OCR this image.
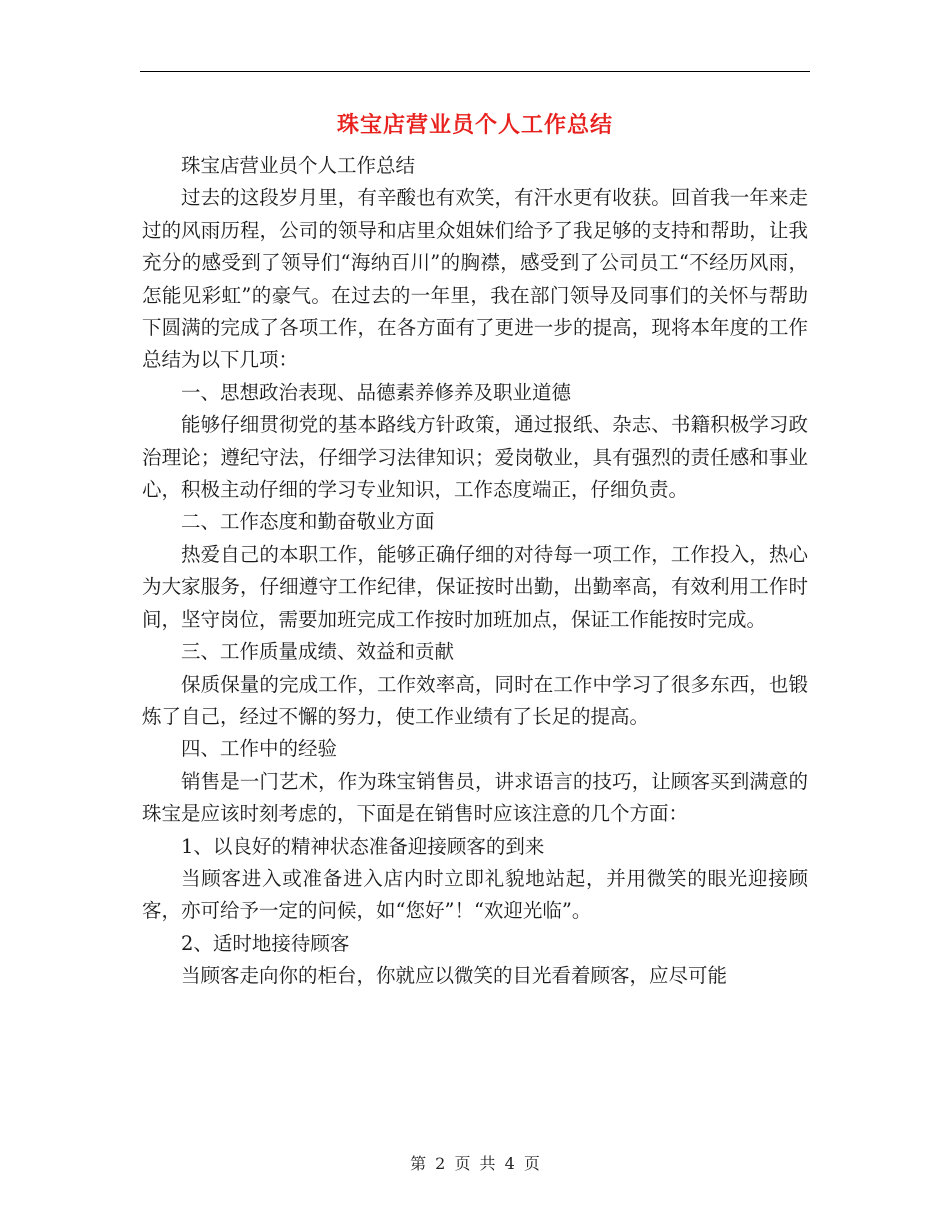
珠宝店营业员个人工作总结

珠宝店营业员个人工作总结

过去的这段岁月里，有辛酸也有欢笑，有汗水更有收获。回首我一年来走过的风雨历程，公司的领导和店里众姐妹们给予了我足够的支持和帮助，让我充分的感受到了领导们“海纳百川”的胸襟，感受到了公司员工“不经历风雨，怎能见彩虹”的豪气。在过去的一年里，我在部门领导及同事们的关怀与帮助下圆满的完成了各项工作，在各方面有了更进一步的提高，现将本年度的工作总结为以下几项：

一、思想政治表现、品德素养修养及职业道德

能够仔细贯彻党的基本路线方针政策，通过报纸、杂志、书籍积极学习政治理论；遵纪守法，仔细学习法律知识；爱岗敬业，具有强烈的责任感和事业心，积极主动仔细的学习专业知识，工作态度端正，仔细负责。

二、工作态度和勤奋敬业方面

热爱自己的本职工作，能够正确仔细的对待每一项工作，工作投入，热心为大家服务，仔细遵守工作纪律，保证按时出勤，出勤率高，有效利用工作时间，坚守岗位，需要加班完成工作按时加班加点，保证工作能按时完成。

三、工作质量成绩、效益和贡献

保质保量的完成工作，工作效率高，同时在工作中学习了很多东西，也锻炼了自己，经过不懈的努力，使工作业绩有了长足的提高。

四、工作中的经验

销售是一门艺术，作为珠宝销售员，讲求语言的技巧，让顾客买到满意的珠宝是应该时刻考虑的，下面是在销售时应该注意的几个方面：

1、以良好的精神状态准备迎接顾客的到来

当顾客进入或准备进入店内时立即礼貌地站起，并用微笑的眼光迎接顾客，亦可给予一定的问候，如“您好”！“欢迎光临”。

2、适时地接待顾客

当顾客走向你的柜台，你就应以微笑的目光看着顾客，应尽可能

第 2 页 共 4 页
